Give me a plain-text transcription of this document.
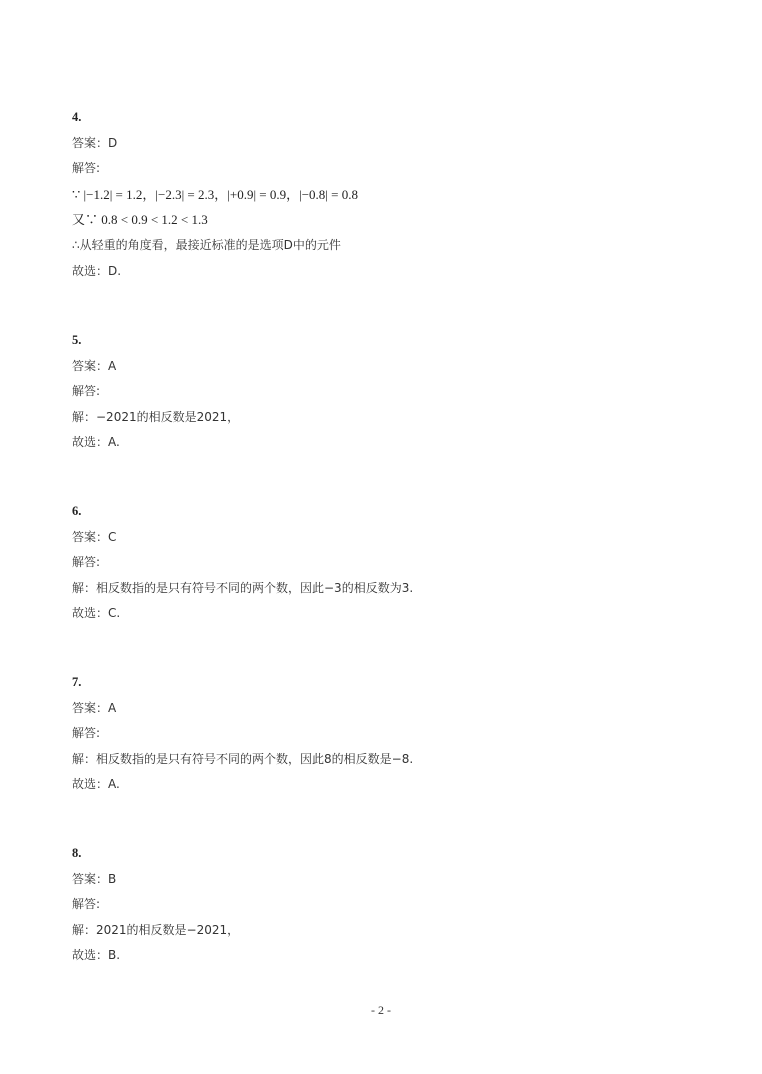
4.
答案：D
解答:
∵ |−1.2| = 1.2，|−2.3| = 2.3，|+0.9| = 0.9，|−0.8| = 0.8
又∵ 0.8 < 0.9 < 1.2 < 1.3
∴从轻重的角度看，最接近标准的是选项D中的元件
故选：D.
5.
答案：A
解答:
解：−2021的相反数是2021，
故选：A.
6.
答案：C
解答:
解：相反数指的是只有符号不同的两个数，因此−3的相反数为3.
故选：C.
7.
答案：A
解答:
解：相反数指的是只有符号不同的两个数，因此8的相反数是−8.
故选：A.
8.
答案：B
解答:
解：2021的相反数是−2021，
故选：B.
- 2 -
